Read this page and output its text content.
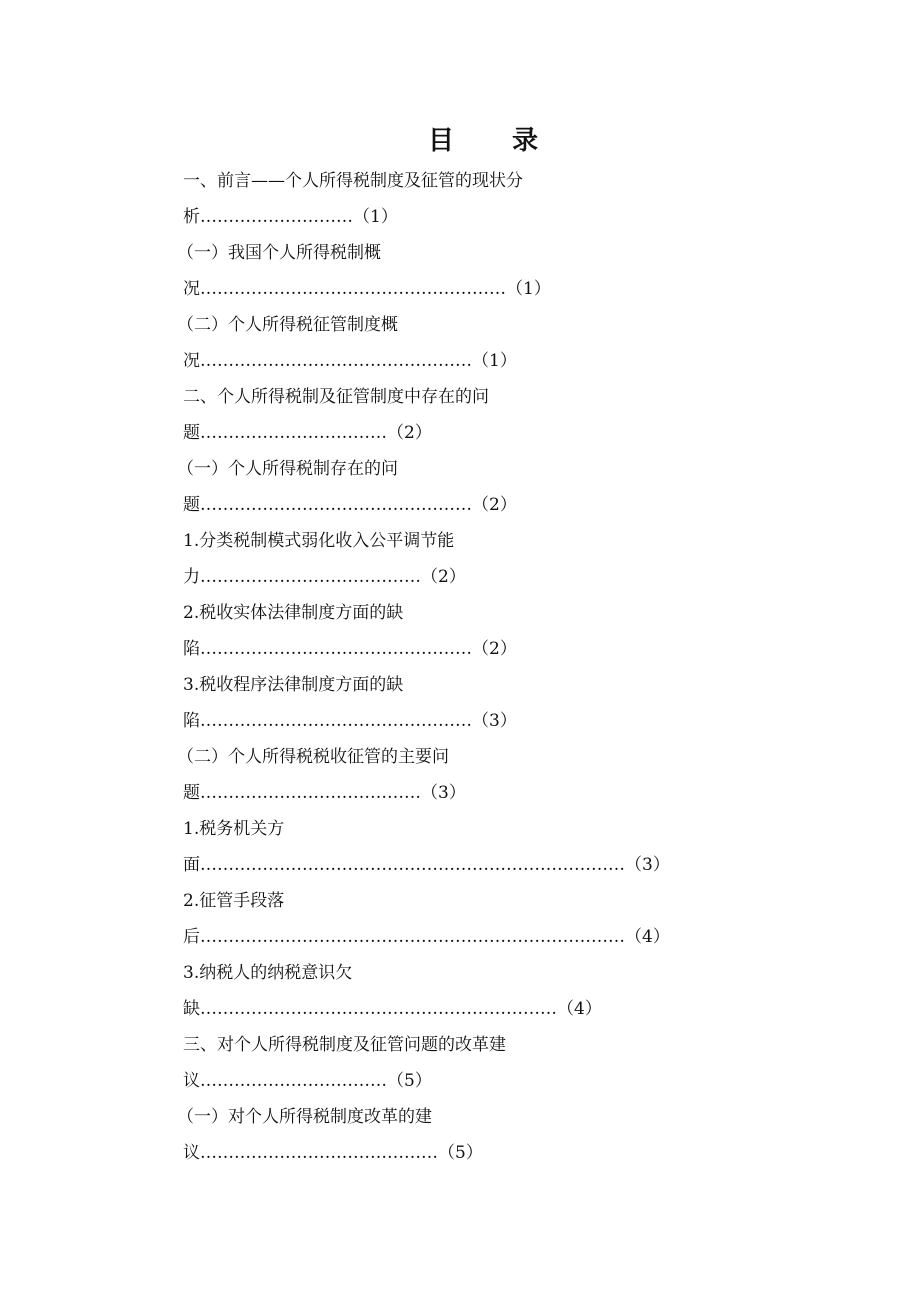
目　　录
一、前言——个人所得税制度及征管的现状分
析………………………（1）
（一）我国个人所得税制概
况………………………………………………（1）
（二）个人所得税征管制度概
况…………………………………………（1）
二、个人所得税制及征管制度中存在的问
题……………………………（2）
（一）个人所得税制存在的问
题…………………………………………（2）
1.分类税制模式弱化收入公平调节能
力…………………………………（2）
2.税收实体法律制度方面的缺
陷…………………………………………（2）
3.税收程序法律制度方面的缺
陷…………………………………………（3）
（二）个人所得税税收征管的主要问
题…………………………………（3）
1.税务机关方
面…………………………………………………………………（3）
2.征管手段落
后…………………………………………………………………（4）
3.纳税人的纳税意识欠
缺………………………………………………………（4）
三、对个人所得税制度及征管问题的改革建
议……………………………（5）
（一）对个人所得税制度改革的建
议……………………………………（5）
